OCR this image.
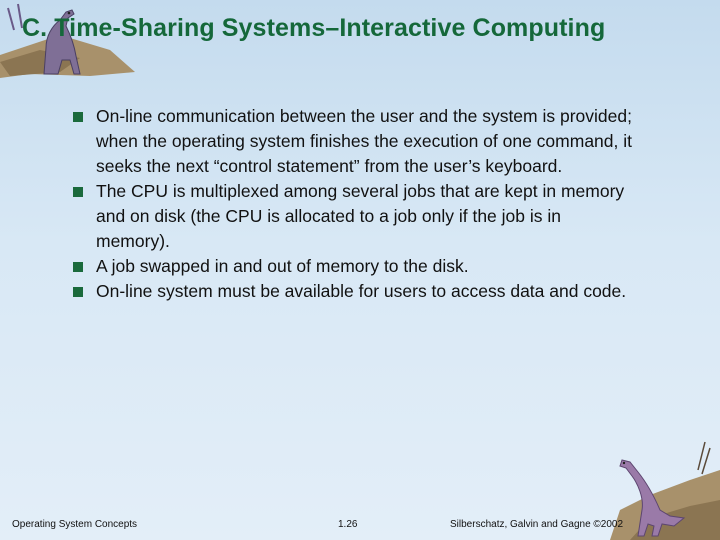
C. Time-Sharing Systems–Interactive Computing
On-line communication between the user and the system is provided; when the operating system finishes the execution of one command, it seeks the next “control statement” from the user’s keyboard.
The CPU is multiplexed among several jobs that are kept in memory and on disk (the CPU is allocated to a job only if the job is in memory).
A job swapped in and out of memory to the disk.
On-line system must be available for users to access data and code.
Operating System Concepts	1.26	Silberschatz, Galvin and Gagne ©2002
